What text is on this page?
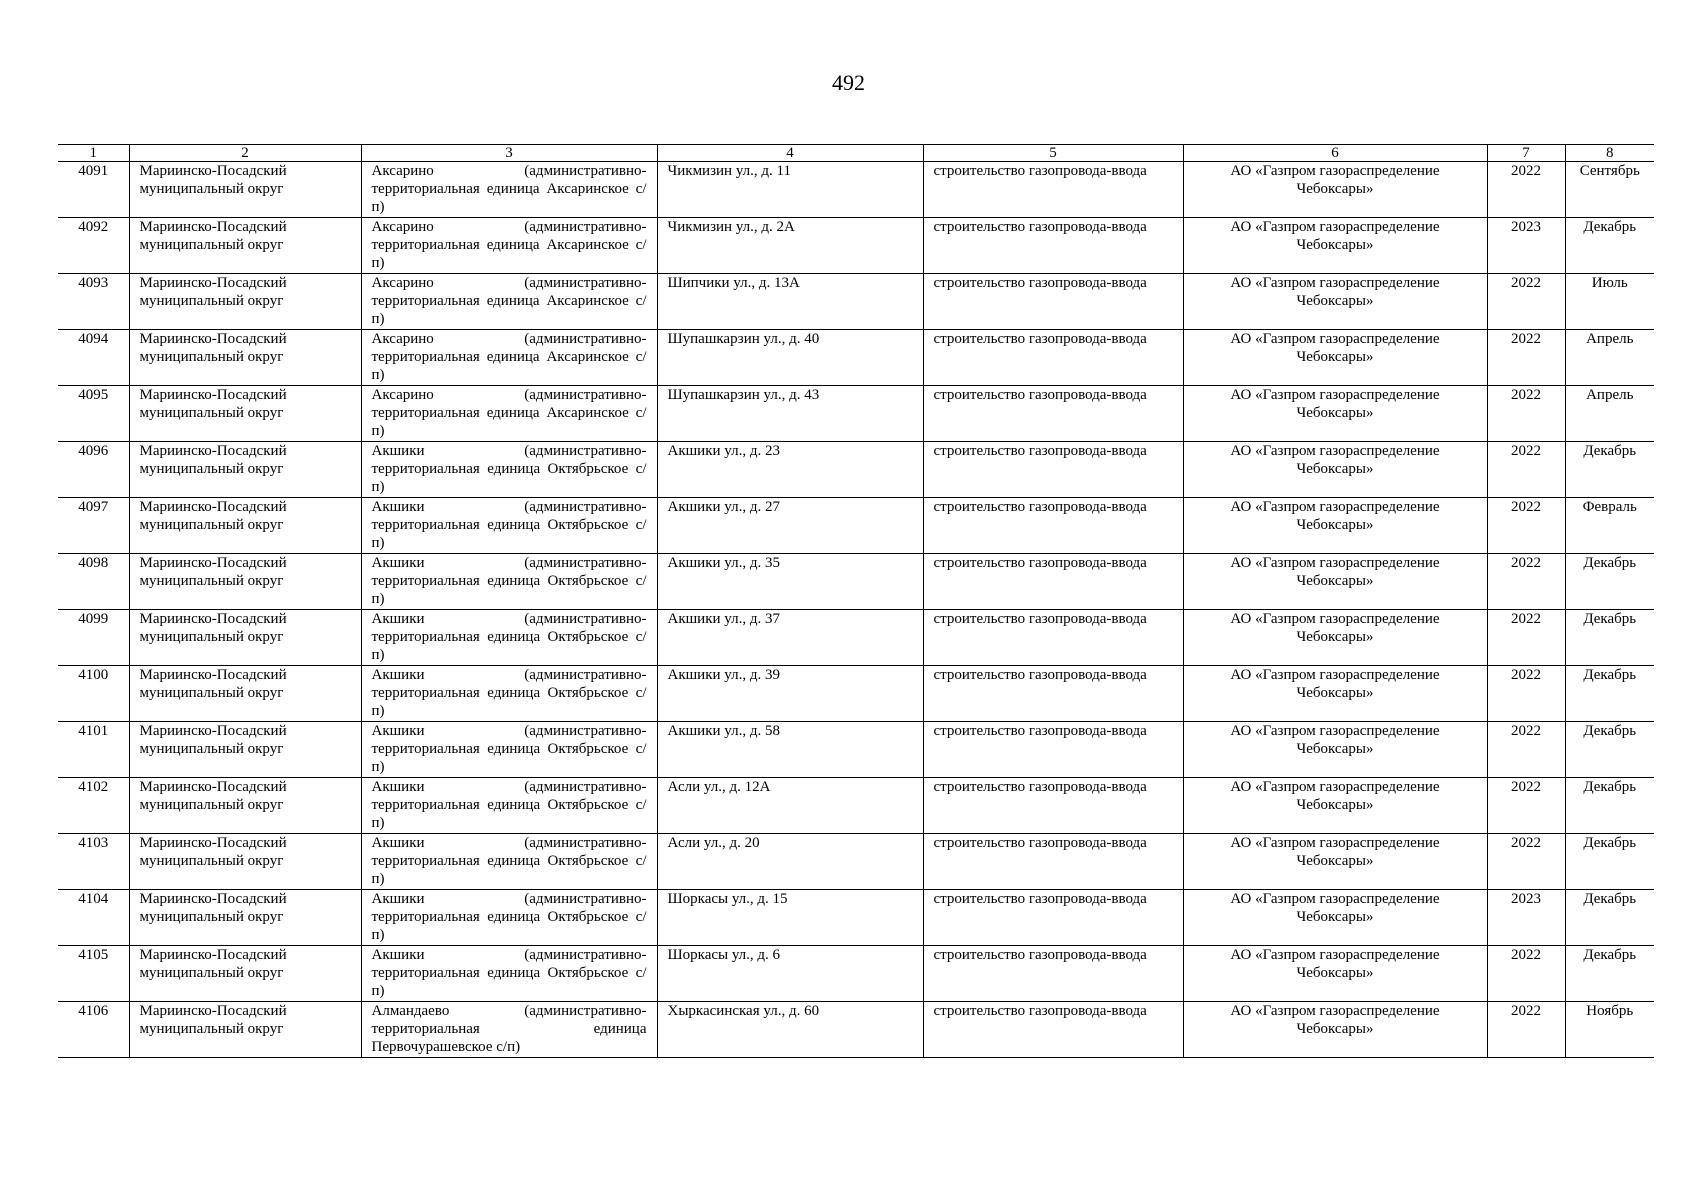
492
1	2	3	4	5	6	7	8
4091	Мариинско-Посадский муниципальный округ	Аксарино (административно-территориальная единица Аксаринское с/п)	Чикмизин ул., д. 11	строительство газопровода-ввода	АО «Газпром газораспределение Чебоксары»	2022	Сентябрь
4092	Мариинско-Посадский муниципальный округ	Аксарино (административно-территориальная единица Аксаринское с/п)	Чикмизин ул., д. 2А	строительство газопровода-ввода	АО «Газпром газораспределение Чебоксары»	2023	Декабрь
4093	Мариинско-Посадский муниципальный округ	Аксарино (административно-территориальная единица Аксаринское с/п)	Шипчики ул., д. 13А	строительство газопровода-ввода	АО «Газпром газораспределение Чебоксары»	2022	Июль
4094	Мариинско-Посадский муниципальный округ	Аксарино (административно-территориальная единица Аксаринское с/п)	Шупашкарзин ул., д. 40	строительство газопровода-ввода	АО «Газпром газораспределение Чебоксары»	2022	Апрель
4095	Мариинско-Посадский муниципальный округ	Аксарино (административно-территориальная единица Аксаринское с/п)	Шупашкарзин ул., д. 43	строительство газопровода-ввода	АО «Газпром газораспределение Чебоксары»	2022	Апрель
4096	Мариинско-Посадский муниципальный округ	Акшики (административно-территориальная единица Октябрьское с/п)	Акшики ул., д. 23	строительство газопровода-ввода	АО «Газпром газораспределение Чебоксары»	2022	Декабрь
4097	Мариинско-Посадский муниципальный округ	Акшики (административно-территориальная единица Октябрьское с/п)	Акшики ул., д. 27	строительство газопровода-ввода	АО «Газпром газораспределение Чебоксары»	2022	Февраль
4098	Мариинско-Посадский муниципальный округ	Акшики (административно-территориальная единица Октябрьское с/п)	Акшики ул., д. 35	строительство газопровода-ввода	АО «Газпром газораспределение Чебоксары»	2022	Декабрь
4099	Мариинско-Посадский муниципальный округ	Акшики (административно-территориальная единица Октябрьское с/п)	Акшики ул., д. 37	строительство газопровода-ввода	АО «Газпром газораспределение Чебоксары»	2022	Декабрь
4100	Мариинско-Посадский муниципальный округ	Акшики (административно-территориальная единица Октябрьское с/п)	Акшики ул., д. 39	строительство газопровода-ввода	АО «Газпром газораспределение Чебоксары»	2022	Декабрь
4101	Мариинско-Посадский муниципальный округ	Акшики (административно-территориальная единица Октябрьское с/п)	Акшики ул., д. 58	строительство газопровода-ввода	АО «Газпром газораспределение Чебоксары»	2022	Декабрь
4102	Мариинско-Посадский муниципальный округ	Акшики (административно-территориальная единица Октябрьское с/п)	Асли ул., д. 12А	строительство газопровода-ввода	АО «Газпром газораспределение Чебоксары»	2022	Декабрь
4103	Мариинско-Посадский муниципальный округ	Акшики (административно-территориальная единица Октябрьское с/п)	Асли ул., д. 20	строительство газопровода-ввода	АО «Газпром газораспределение Чебоксары»	2022	Декабрь
4104	Мариинско-Посадский муниципальный округ	Акшики (административно-территориальная единица Октябрьское с/п)	Шоркасы ул., д. 15	строительство газопровода-ввода	АО «Газпром газораспределение Чебоксары»	2023	Декабрь
4105	Мариинско-Посадский муниципальный округ	Акшики (административно-территориальная единица Октябрьское с/п)	Шоркасы ул., д. 6	строительство газопровода-ввода	АО «Газпром газораспределение Чебоксары»	2022	Декабрь
4106	Мариинско-Посадский муниципальный округ	Алмандаево (административно-территориальная единица Первочурашевское с/п)	Хыркасинская ул., д. 60	строительство газопровода-ввода	АО «Газпром газораспределение Чебоксары»	2022	Ноябрь
